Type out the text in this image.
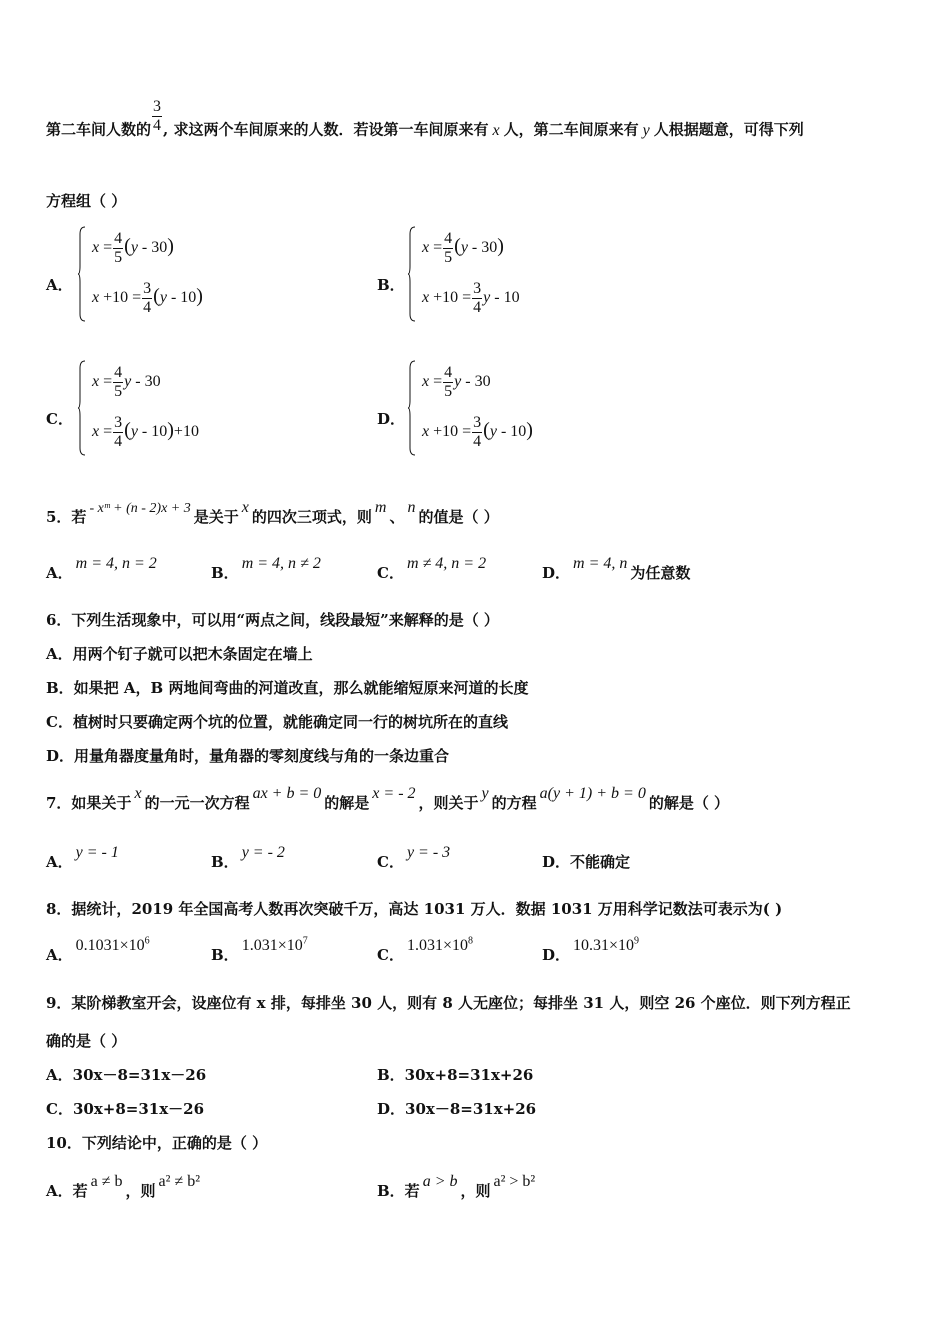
第二车间人数的 $\frac{3}{4}$ , 求这两个车间原来的人数．若设第一车间原来有 x 人，第二车间原来有 y 人根据题意，可得下列
方程组（ ）
A．
$x = \frac{4}{5} (y - 30)$
$x +10 = \frac{3}{4} (y - 10)$
B．
$x = \frac{4}{5} (y - 30)$
$x +10 = \frac{3}{4}$ y - 10
C．
$x = \frac{4}{5}$ y - 30
$x = \frac{3}{4} (y - 10)+10$
D．
$x = \frac{4}{5}$ y - 30
$x +10 = \frac{3}{4} (y - 10)$
5．若 - xᵐ + (n - 2)x + 3 是关于x的四次三项式，则m、n的值是（ ）
A．m = 4, n = 2
B．m = 4, n ≠ 2
C．m ≠ 4, n = 2
D．m = 4, n为任意数
6．下列生活现象中，可以用“两点之间，线段最短”来解释的是（ ）
A．用两个钉子就可以把木条固定在墙上
B．如果把 A，B 两地间弯曲的河道改直，那么就能缩短原来河道的长度
C．植树时只要确定两个坑的位置，就能确定同一行的树坑所在的直线
D．用量角器度量角时，量角器的零刻度线与角的一条边重合
7．如果关于x的一元一次方程ax + b = 0的解是x = - 2，则关于y的方程a(y + 1) + b = 0的解是（ ）
A．y = - 1
B．y = - 2
C．y = - 3
D．不能确定
8．据统计，2019 年全国高考人数再次突破千万，高达 1031 万人．数据 1031 万用科学记数法可表示为( )
A．$0.1031\times 10^6$
B．$1.031\times 10^7$
C．$1.031\times 10^8$
D．$10.31\times 10^9$
9．某阶梯教室开会，设座位有 x 排，每排坐 30 人，则有 8 人无座位；每排坐 31 人，则空 26 个座位．则下列方程正
确的是（ ）
A．30x－8=31x－26	B．30x+8=31x+26
C．30x+8=31x－26	D．30x－8=31x+26
10．下列结论中，正确的是（ ）
A．若a ≠ b，则a² ≠ b²
B．若a > b，则a² > b²
